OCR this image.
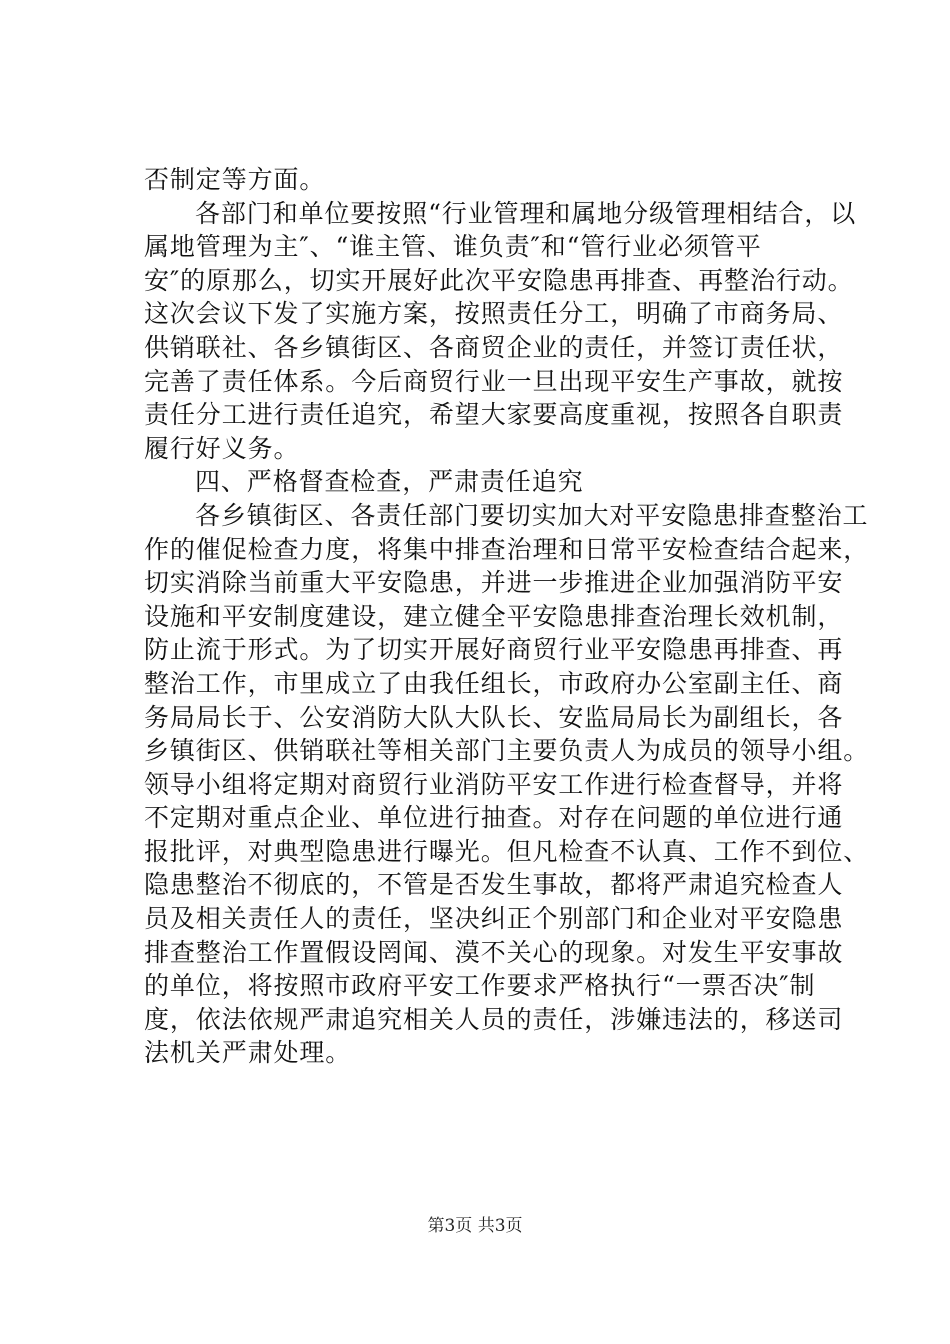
否制定等方面。
各部门和单位要按照“行业管理和属地分级管理相结合，以
属地管理为主″、“谁主管、谁负责″和“管行业必须管平
安″的原那么，切实开展好此次平安隐患再排查、再整治行动。
这次会议下发了实施方案，按照责任分工，明确了市商务局、
供销联社、各乡镇街区、各商贸企业的责任，并签订责任状，
完善了责任体系。今后商贸行业一旦出现平安生产事故，就按
责任分工进行责任追究，希望大家要高度重视，按照各自职责
履行好义务。
四、严格督查检查，严肃责任追究
各乡镇街区、各责任部门要切实加大对平安隐患排查整治工
作的催促检查力度，将集中排查治理和日常平安检查结合起来，
切实消除当前重大平安隐患，并进一步推进企业加强消防平安
设施和平安制度建设，建立健全平安隐患排查治理长效机制，
防止流于形式。为了切实开展好商贸行业平安隐患再排查、再
整治工作，市里成立了由我任组长，市政府办公室副主任、商
务局局长于、公安消防大队大队长、安监局局长为副组长，各
乡镇街区、供销联社等相关部门主要负责人为成员的领导小组。
领导小组将定期对商贸行业消防平安工作进行检查督导，并将
不定期对重点企业、单位进行抽查。对存在问题的单位进行通
报批评，对典型隐患进行曝光。但凡检查不认真、工作不到位、
隐患整治不彻底的，不管是否发生事故，都将严肃追究检查人
员及相关责任人的责任，坚决纠正个别部门和企业对平安隐患
排查整治工作置假设罔闻、漠不关心的现象。对发生平安事故
的单位，将按照市政府平安工作要求严格执行“一票否决″制
度，依法依规严肃追究相关人员的责任，涉嫌违法的，移送司
法机关严肃处理。
第3页 共3页
